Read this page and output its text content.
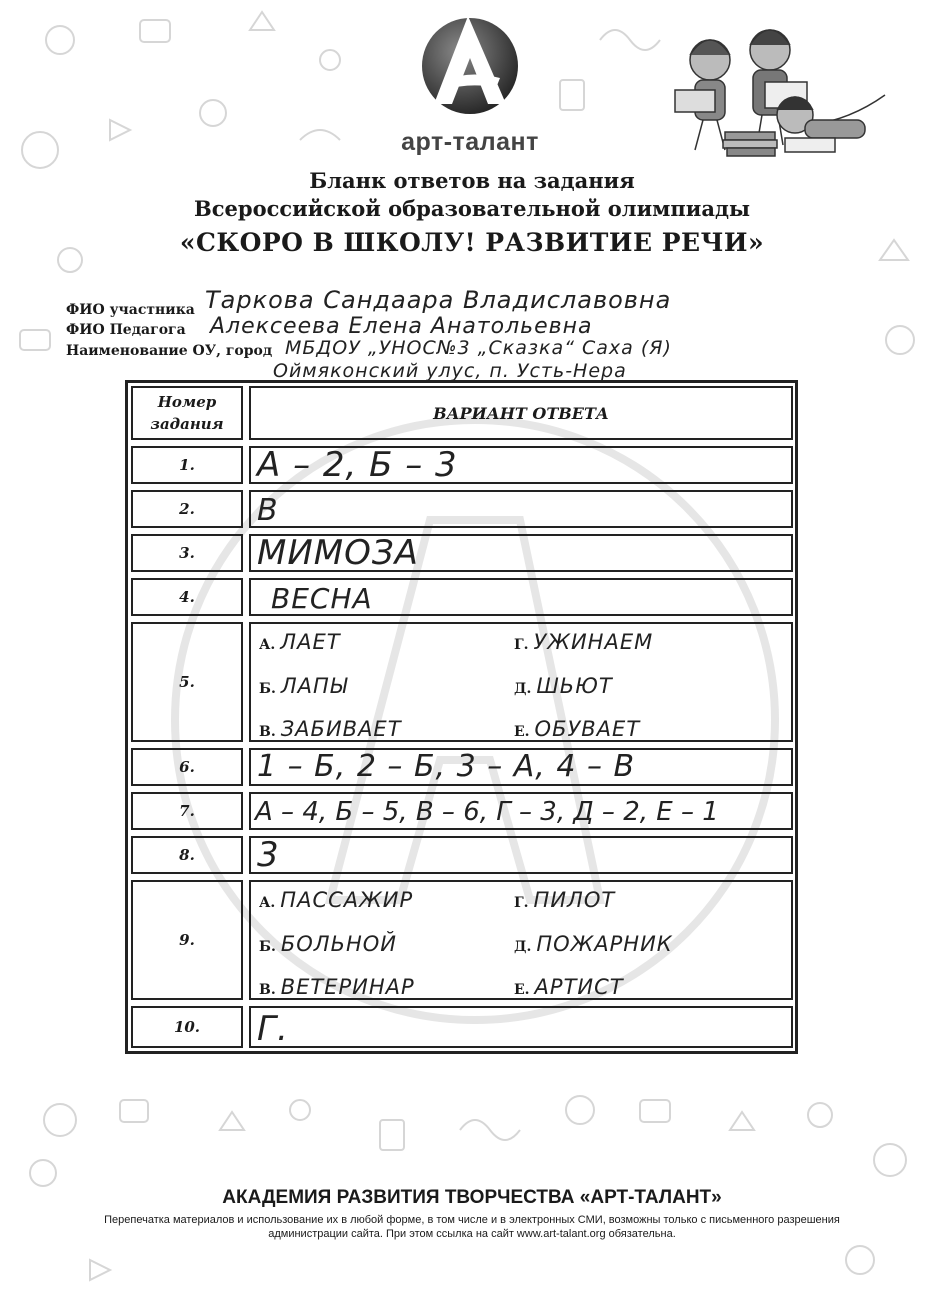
арт-талант
Бланк ответов на задания
Всероссийской образовательной олимпиады
«СКОРО В ШКОЛУ! РАЗВИТИЕ РЕЧИ»
ФИО участника Таркова Сандаара Владиславовна
ФИО Педагога Алексеева Елена Анатольевна
Наименование ОУ, город МБДОУ „УНОС№3 „Сказка“ Саха (Я)
Оймяконский улус, п. Усть-Нера
Номер задания
ВАРИАНТ ОТВЕТА
1.	А – 2, Б – 3
2.	В
3.	МИМОЗА
4.	ВЕСНА
5.
А. ЛАЕТ	Г. УЖИНАЕМ
Б. ЛАПЫ	Д. ШЬЮТ
В. ЗАБИВАЕТ	Е. ОБУВАЕТ
6.	1 – Б, 2 – Б, 3 – А, 4 – В
7.	А – 4, Б – 5, В – 6, Г – 3, Д – 2, Е – 1
8.	3
9.
А. ПАССАЖИР	Г. ПИЛОТ
Б. БОЛЬНОЙ	Д. ПОЖАРНИК
В. ВЕТЕРИНАР	Е. АРТИСТ
10.	Г.
АКАДЕМИЯ РАЗВИТИЯ ТВОРЧЕСТВА «АРТ-ТАЛАНТ»
Перепечатка материалов и использование их в любой форме, в том числе и в электронных СМИ, возможны только с письменного разрешения администрации сайта. При этом ссылка на сайт www.art-talant.org обязательна.
